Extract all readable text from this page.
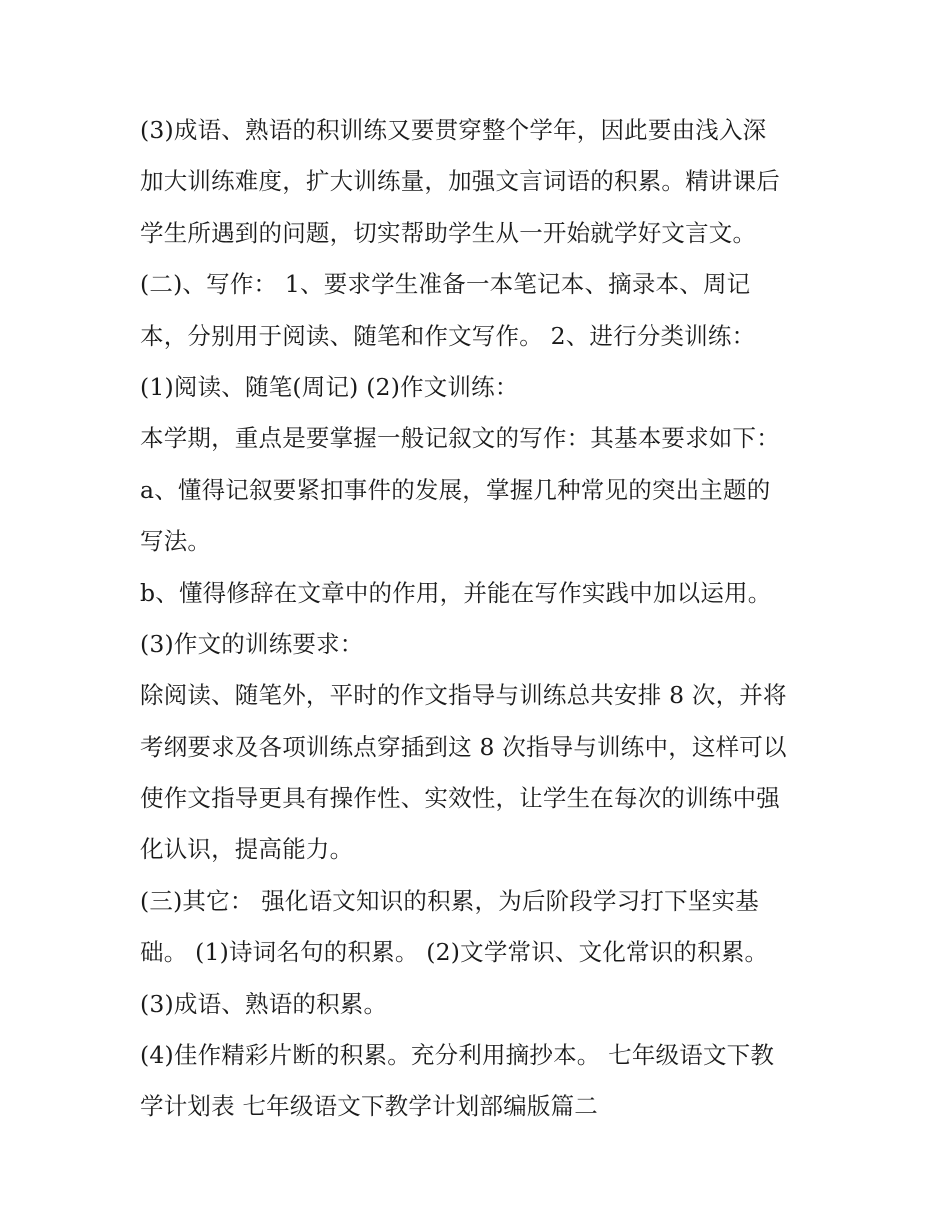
(3)成语、熟语的积训练又要贯穿整个学年，因此要由浅入深
加大训练难度，扩大训练量，加强文言词语的积累。精讲课后
学生所遇到的问题，切实帮助学生从一开始就学好文言文。
(二)、写作： 1、要求学生准备一本笔记本、摘录本、周记
本，分别用于阅读、随笔和作文写作。 2、进行分类训练：
(1)阅读、随笔(周记) (2)作文训练：
本学期，重点是要掌握一般记叙文的写作：其基本要求如下：
a、懂得记叙要紧扣事件的发展，掌握几种常见的突出主题的
写法。
b、懂得修辞在文章中的作用，并能在写作实践中加以运用。
(3)作文的训练要求：
除阅读、随笔外，平时的作文指导与训练总共安排 8 次，并将
考纲要求及各项训练点穿插到这 8 次指导与训练中，这样可以
使作文指导更具有操作性、实效性，让学生在每次的训练中强
化认识，提高能力。
(三)其它： 强化语文知识的积累，为后阶段学习打下坚实基
础。 (1)诗词名句的积累。 (2)文学常识、文化常识的积累。
(3)成语、熟语的积累。
(4)佳作精彩片断的积累。充分利用摘抄本。 七年级语文下教
学计划表 七年级语文下教学计划部编版篇二
